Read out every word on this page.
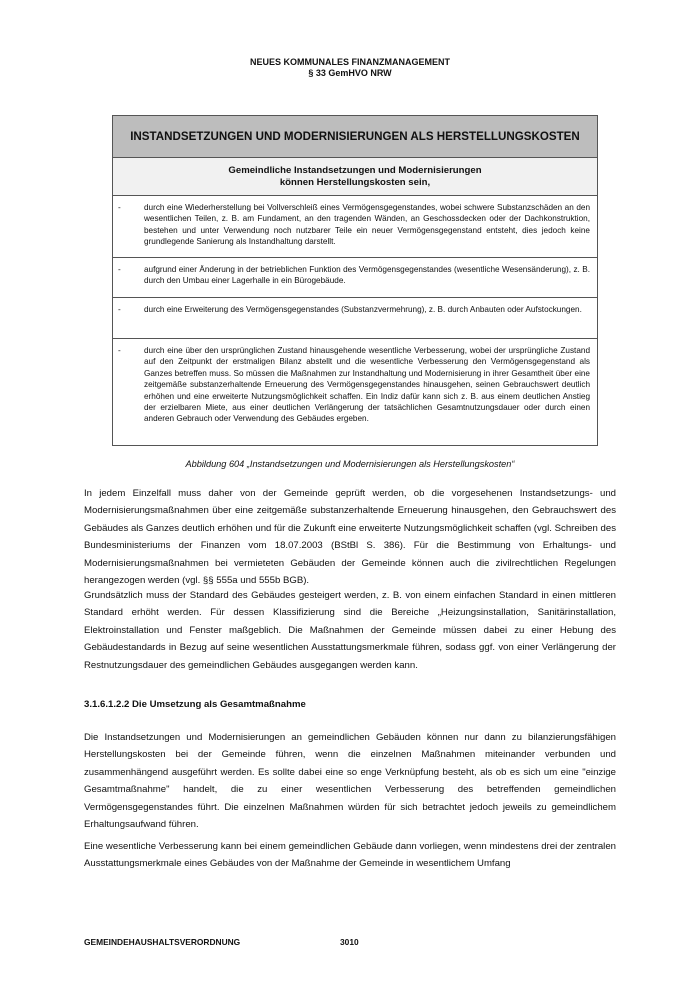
NEUES KOMMUNALES FINANZMANAGEMENT
§ 33 GemHVO NRW
INSTANDSETZUNGEN UND MODERNISIERUNGEN ALS HERSTELLUNGSKOSTEN
Gemeindliche Instandsetzungen und Modernisierungen
können Herstellungskosten sein,
-	durch eine Wiederherstellung bei Vollverschleiß eines Vermögensgegenstandes, wobei schwere Substanzschäden an den wesentlichen Teilen, z. B. am Fundament, an den tragenden Wänden, an Geschossdecken oder der Dachkonstruktion, bestehen und unter Verwendung noch nutzbarer Teile ein neuer Vermögensgegenstand entsteht, dies jedoch keine grundlegende Sanierung als Instandhaltung darstellt.
-	aufgrund einer Änderung in der betrieblichen Funktion des Vermögensgegenstandes (wesentliche Wesensänderung), z. B. durch den Umbau einer Lagerhalle in ein Bürogebäude.
-	durch eine Erweiterung des Vermögensgegenstandes (Substanzvermehrung), z. B. durch Anbauten oder Aufstockungen.
-	durch eine über den ursprünglichen Zustand hinausgehende wesentliche Verbesserung, wobei der ursprüngliche Zustand auf den Zeitpunkt der erstmaligen Bilanz abstellt und die wesentliche Verbesserung den Vermögensgegenstand als Ganzes betreffen muss. So müssen die Maßnahmen zur Instandhaltung und Modernisierung in ihrer Gesamtheit über eine zeitgemäße substanzerhaltende Erneuerung des Vermögensgegenstandes hinausgehen, seinen Gebrauchswert deutlich erhöhen und eine erweiterte Nutzungsmöglichkeit schaffen. Ein Indiz dafür kann sich z. B. aus einem deutlichen Anstieg der erzielbaren Miete, aus einer deutlichen Verlängerung der tatsächlichen Gesamtnutzungsdauer oder durch einen anderen Gebrauch oder Verwendung des Gebäudes ergeben.
Abbildung 604 „Instandsetzungen und Modernisierungen als Herstellungskosten“

In jedem Einzelfall muss daher von der Gemeinde geprüft werden, ob die vorgesehenen Instandsetzungs- und Modernisierungsmaßnahmen über eine zeitgemäße substanzerhaltende Erneuerung hinausgehen, den Gebrauchswert des Gebäudes als Ganzes deutlich erhöhen und für die Zukunft eine erweiterte Nutzungsmöglichkeit schaffen (vgl. Schreiben des Bundesministeriums der Finanzen vom 18.07.2003 (BStBl S. 386). Für die Bestimmung von Erhaltungs- und Modernisierungsmaßnahmen bei vermieteten Gebäuden der Gemeinde können auch die zivilrechtlichen Regelungen herangezogen werden (vgl. §§ 555a und 555b BGB).

Grundsätzlich muss der Standard des Gebäudes gesteigert werden, z. B. von einem einfachen Standard in einen mittleren Standard erhöht werden. Für dessen Klassifizierung sind die Bereiche „Heizungsinstallation, Sanitärinstallation, Elektroinstallation und Fenster maßgeblich. Die Maßnahmen der Gemeinde müssen dabei zu einer Hebung des Gebäudestandards in Bezug auf seine wesentlichen Ausstattungsmerkmale führen, sodass ggf. von einer Verlängerung der Restnutzungsdauer des gemeindlichen Gebäudes ausgegangen werden kann.

3.1.6.1.2.2 Die Umsetzung als Gesamtmaßnahme

Die Instandsetzungen und Modernisierungen an gemeindlichen Gebäuden können nur dann zu bilanzierungsfähigen Herstellungskosten bei der Gemeinde führen, wenn die einzelnen Maßnahmen miteinander verbunden und zusammenhängend ausgeführt werden. Es sollte dabei eine so enge Verknüpfung besteht, als ob es sich um eine "einzige Gesamtmaßnahme" handelt, die zu einer wesentlichen Verbesserung des betreffenden gemeindlichen Vermögensgegenstandes führt. Die einzelnen Maßnahmen würden für sich betrachtet jedoch jeweils zu gemeindlichem Erhaltungsaufwand führen.

Eine wesentliche Verbesserung kann bei einem gemeindlichen Gebäude dann vorliegen, wenn mindestens drei der zentralen Ausstattungsmerkmale eines Gebäudes von der Maßnahme der Gemeinde in wesentlichem Umfang

GEMEINDEHAUSHALTSVERORDNUNG	3010
